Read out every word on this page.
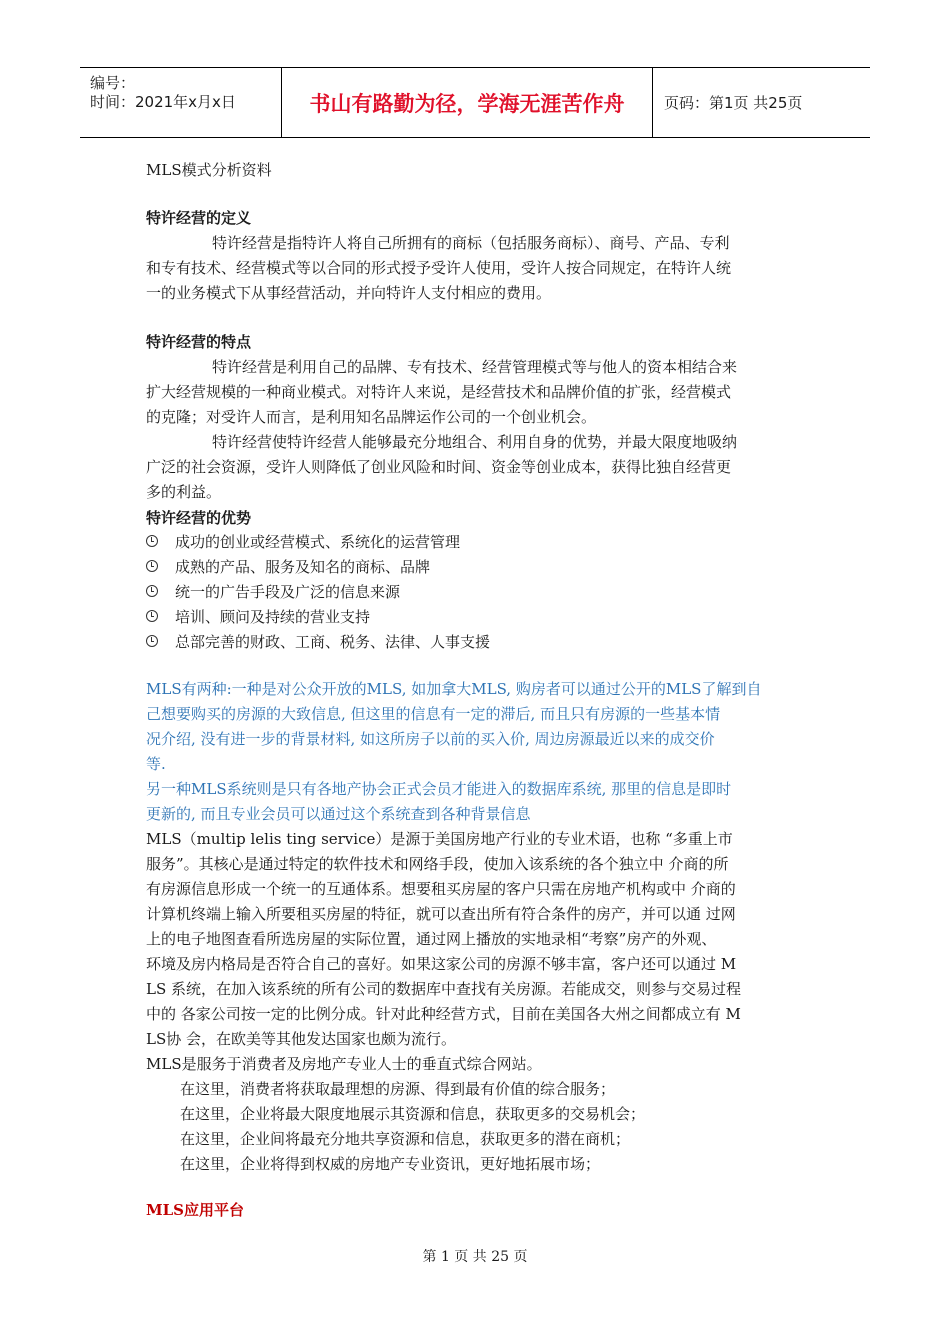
编号：
时间：2021年x月x日	书山有路勤为径，学海无涯苦作舟	页码：第1页 共25页
MLS模式分析资料
特许经营的定义
特许经营是指特许人将自己所拥有的商标（包括服务商标）、商号、产品、专利
和专有技术、经营模式等以合同的形式授予受许人使用，受许人按合同规定，在特许人统
一的业务模式下从事经营活动，并向特许人支付相应的费用。
特许经营的特点
特许经营是利用自己的品牌、专有技术、经营管理模式等与他人的资本相结合来
扩大经营规模的一种商业模式。对特许人来说，是经营技术和品牌价值的扩张，经营模式
的克隆；对受许人而言，是利用知名品牌运作公司的一个创业机会。
特许经营使特许经营人能够最充分地组合、利用自身的优势，并最大限度地吸纳
广泛的社会资源，受许人则降低了创业风险和时间、资金等创业成本，获得比独自经营更
多的利益。
特许经营的优势
成功的创业或经营模式、系统化的运营管理
成熟的产品、服务及知名的商标、品牌
统一的广告手段及广泛的信息来源
培训、顾问及持续的营业支持
总部完善的财政、工商、税务、法律、人事支援
MLS有两种:一种是对公众开放的MLS, 如加拿大MLS, 购房者可以通过公开的MLS了解到自
己想要购买的房源的大致信息, 但这里的信息有一定的滞后, 而且只有房源的一些基本情
况介绍, 没有进一步的背景材料, 如这所房子以前的买入价, 周边房源最近以来的成交价
等.
另一种MLS系统则是只有各地产协会正式会员才能进入的数据库系统, 那里的信息是即时
更新的, 而且专业会员可以通过这个系统查到各种背景信息
MLS（multip lelis ting service）是源于美国房地产行业的专业术语，也称 “多重上市
服务”。其核心是通过特定的软件技术和网络手段，使加入该系统的各个独立中 介商的所
有房源信息形成一个统一的互通体系。想要租买房屋的客户只需在房地产机构或中 介商的
计算机终端上输入所要租买房屋的特征，就可以查出所有符合条件的房产，并可以通 过网
上的电子地图查看所选房屋的实际位置，通过网上播放的实地录相“考察”房产的外观、
环境及房内格局是否符合自己的喜好。如果这家公司的房源不够丰富，客户还可以通过 M
LS 系统，在加入该系统的所有公司的数据库中查找有关房源。若能成交，则参与交易过程
中的 各家公司按一定的比例分成。针对此种经营方式，目前在美国各大州之间都成立有 M
LS协 会，在欧美等其他发达国家也颇为流行。
MLS是服务于消费者及房地产专业人士的垂直式综合网站。
在这里，消费者将获取最理想的房源、得到最有价值的综合服务；
在这里，企业将最大限度地展示其资源和信息，获取更多的交易机会；
在这里，企业间将最充分地共享资源和信息，获取更多的潜在商机；
在这里，企业将得到权威的房地产专业资讯，更好地拓展市场；
MLS应用平台
第 1 页 共 25 页
